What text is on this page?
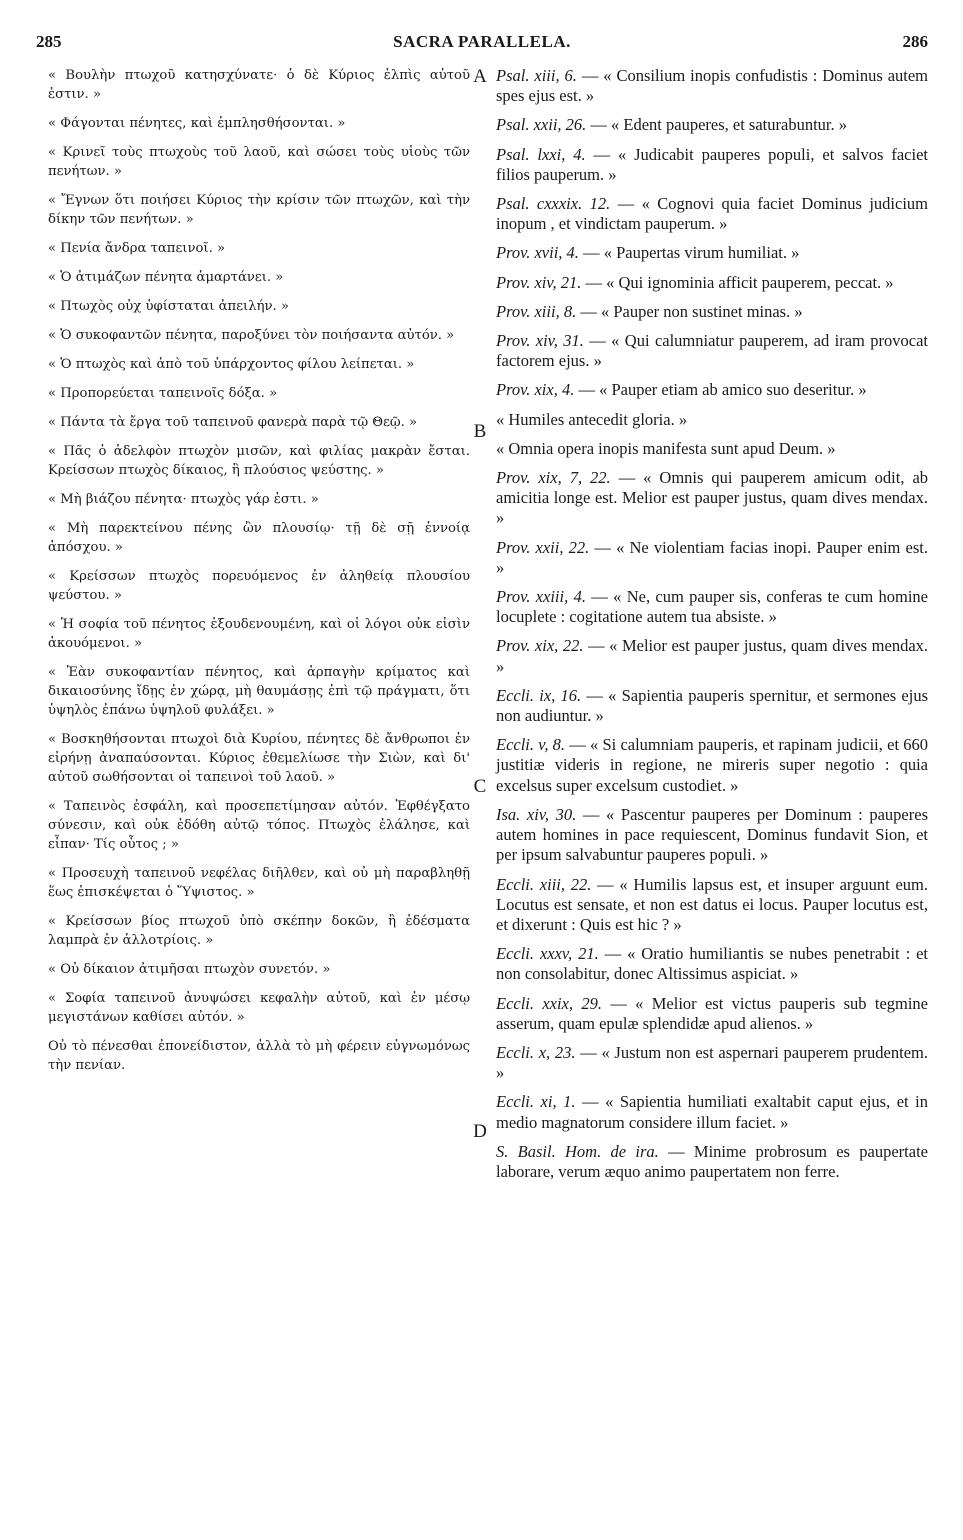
285	SACRA PARALLELA.	286

« Βουλὴν πτωχοῦ κατησχύνατε· ὁ δὲ Κύριος ἐλπὶς αὐτοῦ ἐστιν. »

« Φάγονται πένητες, καὶ ἐμπλησθήσονται. »

« Κρινεῖ τοὺς πτωχοὺς τοῦ λαοῦ, καὶ σώσει τοὺς υἱοὺς τῶν πενήτων. »

« Ἔγνων ὅτι ποιήσει Κύριος τὴν κρίσιν τῶν πτωχῶν, καὶ τὴν δίκην τῶν πενήτων. »

« Πενία ἄνδρα ταπεινοῖ. »

« Ὁ ἀτιμάζων πένητα ἁμαρτάνει. »

« Πτωχὸς οὐχ ὑφίσταται ἀπειλήν. »

« Ὁ συκοφαντῶν πένητα, παροξύνει τὸν ποιήσαντα αὐτόν. »

« Ὁ πτωχὸς καὶ ἀπὸ τοῦ ὑπάρχοντος φίλου λείπεται. »

« Προπορεύεται ταπεινοῖς δόξα. »

« Πάντα τὰ ἔργα τοῦ ταπεινοῦ φανερὰ παρὰ τῷ Θεῷ. »

« Πᾶς ὁ ἀδελφὸν πτωχὸν μισῶν, καὶ φιλίας μακρὰν ἔσται. Κρείσσων πτωχὸς δίκαιος, ἢ πλούσιος ψεύστης. »

« Μὴ βιάζου πένητα· πτωχὸς γάρ ἐστι. »

« Μὴ παρεκτείνου πένης ὢν πλουσίῳ· τῇ δὲ σῇ ἐννοίᾳ ἀπόσχου. »

« Κρείσσων πτωχὸς πορευόμενος ἐν ἀληθείᾳ πλουσίου ψεύστου. »

« Ἡ σοφία τοῦ πένητος ἐξουδενουμένη, καὶ οἱ λόγοι οὐκ εἰσὶν ἀκουόμενοι. »

« Ἐὰν συκοφαντίαν πένητος, καὶ ἁρπαγὴν κρίματος καὶ δικαιοσύνης ἴδῃς ἐν χώρᾳ, μὴ θαυμάσῃς ἐπὶ τῷ πράγματι, ὅτι ὑψηλὸς ἐπάνω ὑψηλοῦ φυλάξει. »

« Βοσκηθήσονται πτωχοὶ διὰ Κυρίου, πένητες δὲ ἄνθρωποι ἐν εἰρήνῃ ἀναπαύσονται. Κύριος ἐθεμελίωσε τὴν Σιὼν, καὶ δι' αὐτοῦ σωθήσονται οἱ ταπεινοὶ τοῦ λαοῦ. »

« Ταπεινὸς ἐσφάλη, καὶ προσεπετίμησαν αὐτόν. Ἐφθέγξατο σύνεσιν, καὶ οὐκ ἐδόθη αὐτῷ τόπος. Πτωχὸς ἐλάλησε, καὶ εἶπαν· Τίς οὗτος ; »

« Προσευχὴ ταπεινοῦ νεφέλας διῆλθεν, καὶ οὐ μὴ παραβληθῇ ἕως ἐπισκέψεται ὁ Ὕψιστος. »

« Κρείσσων βίος πτωχοῦ ὑπὸ σκέπην δοκῶν, ἢ ἐδέσματα λαμπρὰ ἐν ἀλλοτρίοις. »

« Οὐ δίκαιον ἀτιμῆσαι πτωχὸν συνετόν. »

« Σοφία ταπεινοῦ ἀνυψώσει κεφαλὴν αὐτοῦ, καὶ ἐν μέσῳ μεγιστάνων καθίσει αὐτόν. »

Οὐ τὸ πένεσθαι ἐπονείδιστον, ἀλλὰ τὸ μὴ φέρειν εὐγνωμόνως τὴν πενίαν.

A
B
C
D

Psal. xiii, 6. — « Consilium inopis confudistis : Dominus autem spes ejus est. »

Psal. xxii, 26. — « Edent pauperes, et saturabuntur. »

Psal. lxxi, 4. — « Judicabit pauperes populi, et salvos faciet filios pauperum. »

Psal. cxxxix. 12. — « Cognovi quia faciet Dominus judicium inopum , et vindictam pauperum. »

Prov. xvii, 4. — « Paupertas virum humiliat. »

Prov. xiv, 21. — « Qui ignominia afficit pauperem, peccat. »

Prov. xiii, 8. — « Pauper non sustinet minas. »

Prov. xiv, 31. — « Qui calumniatur pauperem, ad iram provocat factorem ejus. »

Prov. xix, 4. — « Pauper etiam ab amico suo deseritur. »

« Humiles antecedit gloria. »

« Omnia opera inopis manifesta sunt apud Deum. »

Prov. xix, 7, 22. — « Omnis qui pauperem amicum odit, ab amicitia longe est. Melior est pauper justus, quam dives mendax. »

Prov. xxii, 22. — « Ne violentiam facias inopi. Pauper enim est. »

Prov. xxiii, 4. — « Ne, cum pauper sis, conferas te cum homine locuplete : cogitatione autem tua absiste. »

Prov. xix, 22. — « Melior est pauper justus, quam dives mendax. »

Eccli. ix, 16. — « Sapientia pauperis spernitur, et sermones ejus non audiuntur. »

Eccli. v, 8. — « Si calumniam pauperis, et rapinam judicii, et 660 justitiæ videris in regione, ne mireris super negotio : quia excelsus super excelsum custodiet. »

Isa. xiv, 30. — « Pascentur pauperes per Dominum : pauperes autem homines in pace requiescent, Dominus fundavit Sion, et per ipsum salvabuntur pauperes populi. »

Eccli. xiii, 22. — « Humilis lapsus est, et insuper arguunt eum. Locutus est sensate, et non est datus ei locus. Pauper locutus est, et dixerunt : Quis est hic ? »

Eccli. xxxv, 21. — « Oratio humiliantis se nubes penetrabit : et non consolabitur, donec Altissimus aspiciat. »

Eccli. xxix, 29. — « Melior est victus pauperis sub tegmine asserum, quam epulæ splendidæ apud alienos. »

Eccli. x, 23. — « Justum non est aspernari pauperem prudentem. »

Eccli. xi, 1. — « Sapientia humiliati exaltabit caput ejus, et in medio magnatorum considere illum faciet. »

S. Basil. Hom. de ira. — Minime probrosum es paupertate laborare, verum æquo animo paupertatem non ferre.
